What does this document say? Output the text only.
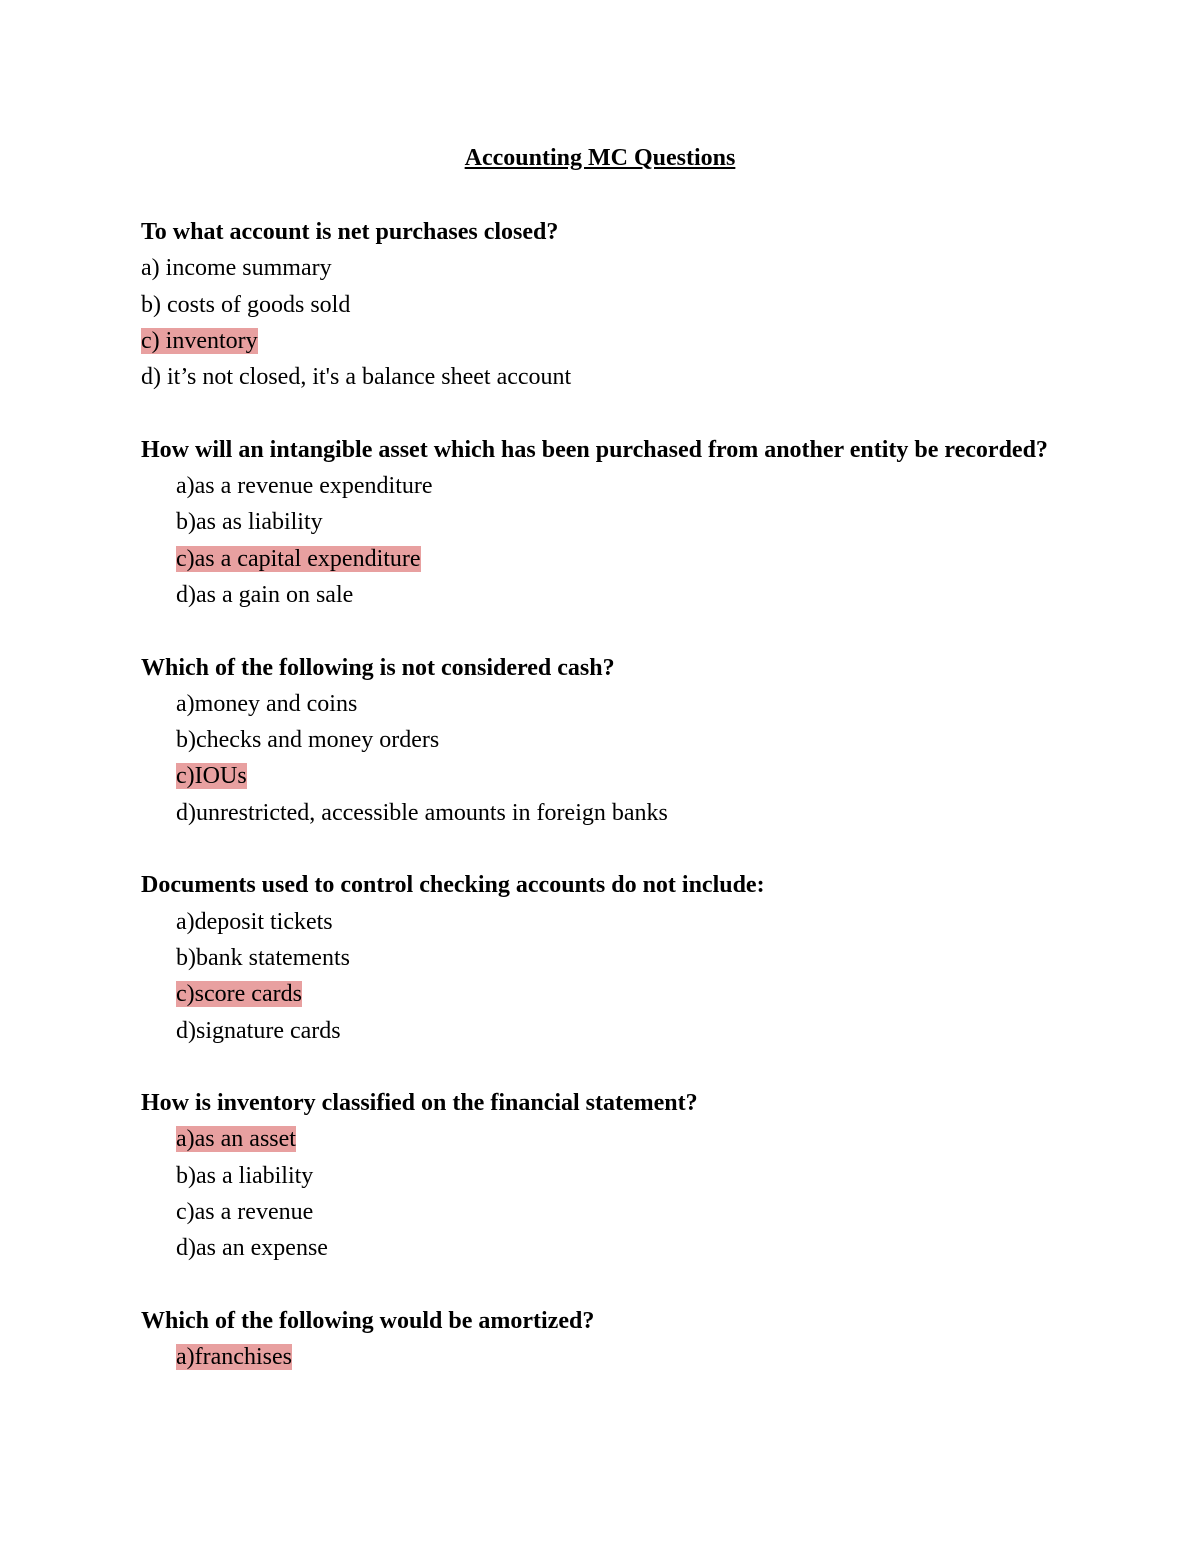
Accounting MC Questions

To what account is net purchases closed?

a) income summary

b) costs of goods sold

c) inventory

d) it’s not closed, it's a balance sheet account

How will an intangible asset which has been purchased from another entity be recorded?

a)as a revenue expenditure

b)as as liability

c)as a capital expenditure

d)as a gain on sale

Which of the following is not considered cash?

a)money and coins

b)checks and money orders

c)IOUs

d)unrestricted, accessible amounts in foreign banks

Documents used to control checking accounts do not include:

a)deposit tickets

b)bank statements

c)score cards

d)signature cards

How is inventory classified on the financial statement?

a)as an asset

b)as a liability

c)as a revenue

d)as an expense

Which of the following would be amortized?

a)franchises
